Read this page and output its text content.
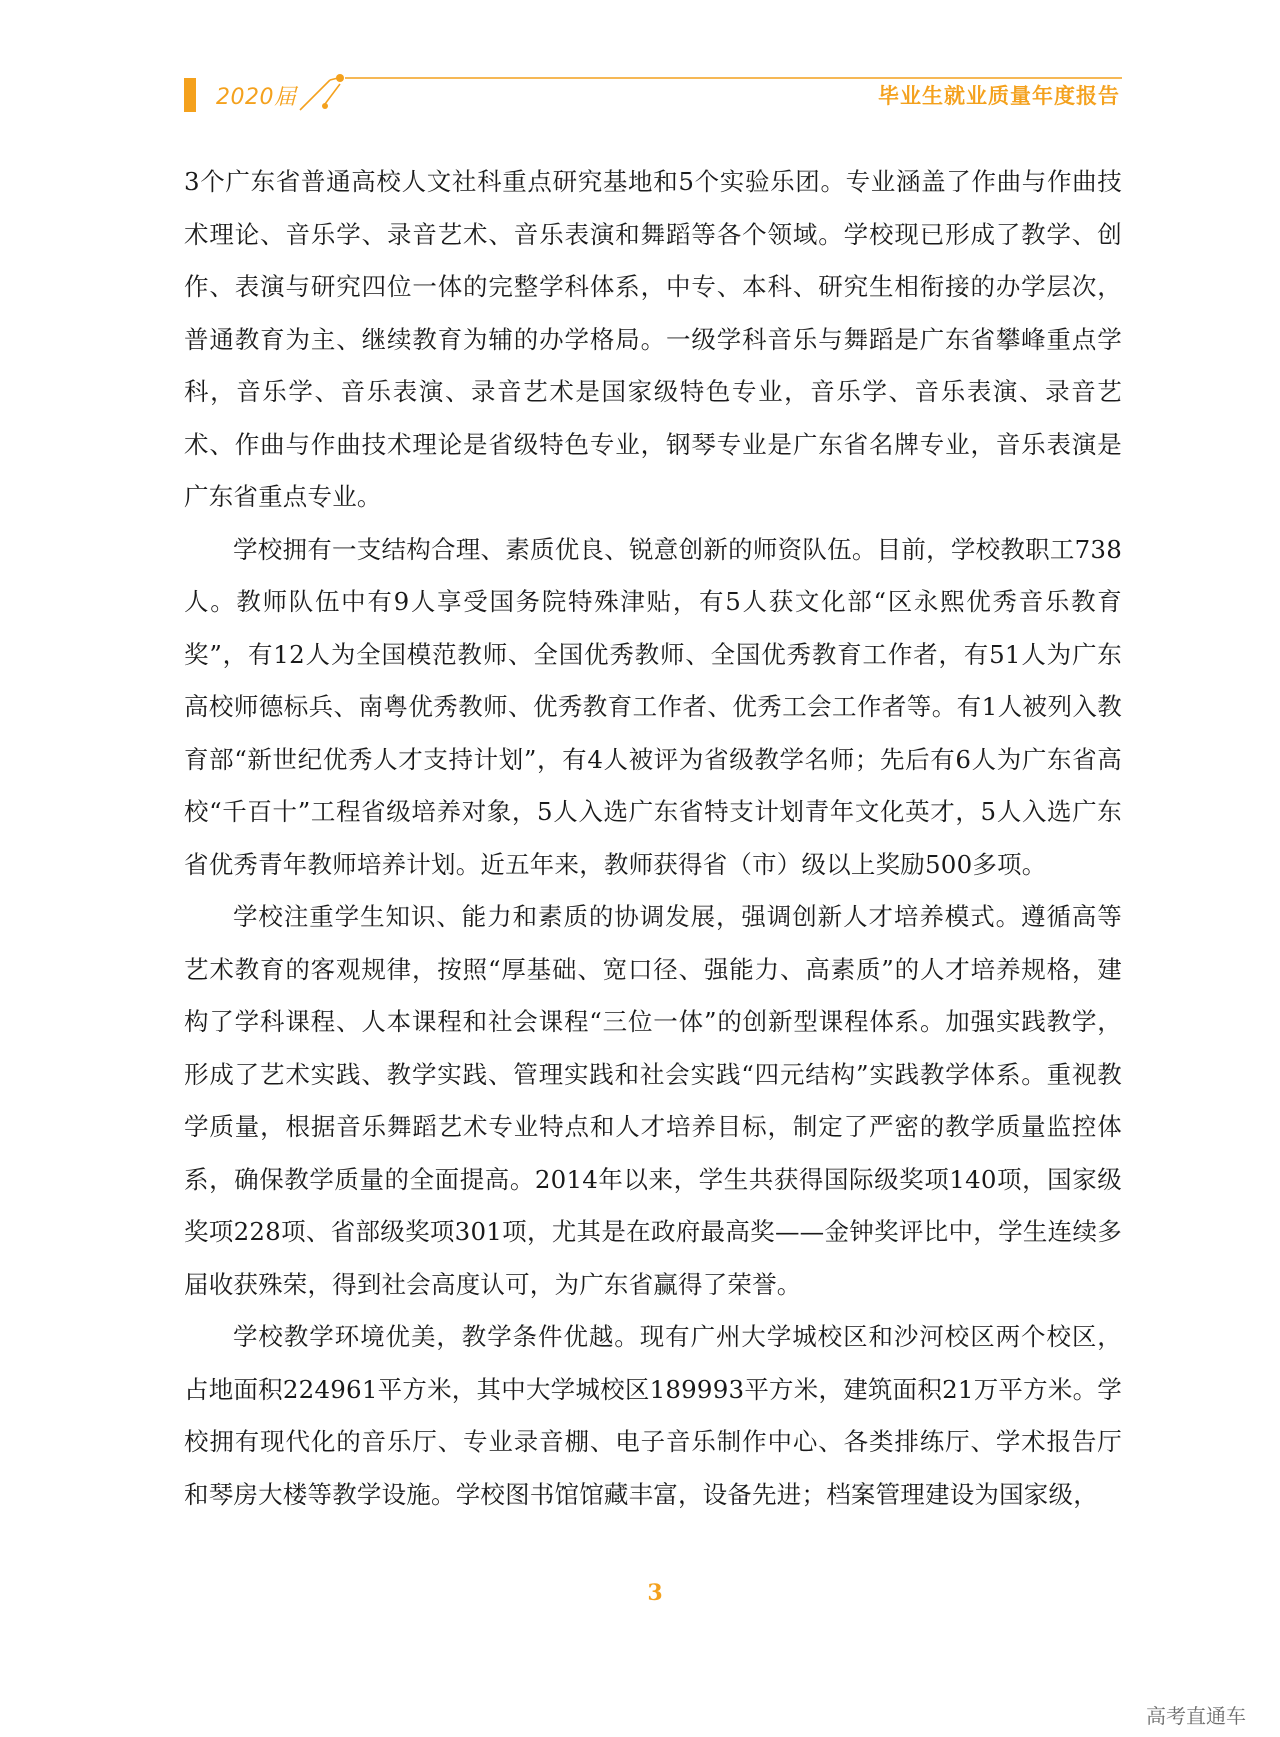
2020届	毕业生就业质量年度报告

3个广东省普通高校人文社科重点研究基地和5个实验乐团。专业涵盖了作曲与作曲技术理论、音乐学、录音艺术、音乐表演和舞蹈等各个领域。学校现已形成了教学、创作、表演与研究四位一体的完整学科体系，中专、本科、研究生相衔接的办学层次，普通教育为主、继续教育为辅的办学格局。一级学科音乐与舞蹈是广东省攀峰重点学科，音乐学、音乐表演、录音艺术是国家级特色专业，音乐学、音乐表演、录音艺术、作曲与作曲技术理论是省级特色专业，钢琴专业是广东省名牌专业，音乐表演是广东省重点专业。

学校拥有一支结构合理、素质优良、锐意创新的师资队伍。目前，学校教职工738人。教师队伍中有9人享受国务院特殊津贴，有5人获文化部“区永熙优秀音乐教育奖”，有12人为全国模范教师、全国优秀教师、全国优秀教育工作者，有51人为广东高校师德标兵、南粤优秀教师、优秀教育工作者、优秀工会工作者等。有1人被列入教育部“新世纪优秀人才支持计划”，有4人被评为省级教学名师；先后有6人为广东省高校“千百十”工程省级培养对象，5人入选广东省特支计划青年文化英才，5人入选广东省优秀青年教师培养计划。近五年来，教师获得省（市）级以上奖励500多项。

学校注重学生知识、能力和素质的协调发展，强调创新人才培养模式。遵循高等艺术教育的客观规律，按照“厚基础、宽口径、强能力、高素质”的人才培养规格，建构了学科课程、人本课程和社会课程“三位一体”的创新型课程体系。加强实践教学，形成了艺术实践、教学实践、管理实践和社会实践“四元结构”实践教学体系。重视教学质量，根据音乐舞蹈艺术专业特点和人才培养目标，制定了严密的教学质量监控体系，确保教学质量的全面提高。2014年以来，学生共获得国际级奖项140项，国家级奖项228项、省部级奖项301项，尤其是在政府最高奖——金钟奖评比中，学生连续多届收获殊荣，得到社会高度认可，为广东省赢得了荣誉。

学校教学环境优美，教学条件优越。现有广州大学城校区和沙河校区两个校区，占地面积224961平方米，其中大学城校区189993平方米，建筑面积21万平方米。学校拥有现代化的音乐厅、专业录音棚、电子音乐制作中心、各类排练厅、学术报告厅和琴房大楼等教学设施。学校图书馆馆藏丰富，设备先进；档案管理建设为国家级，

3
高考直通车
